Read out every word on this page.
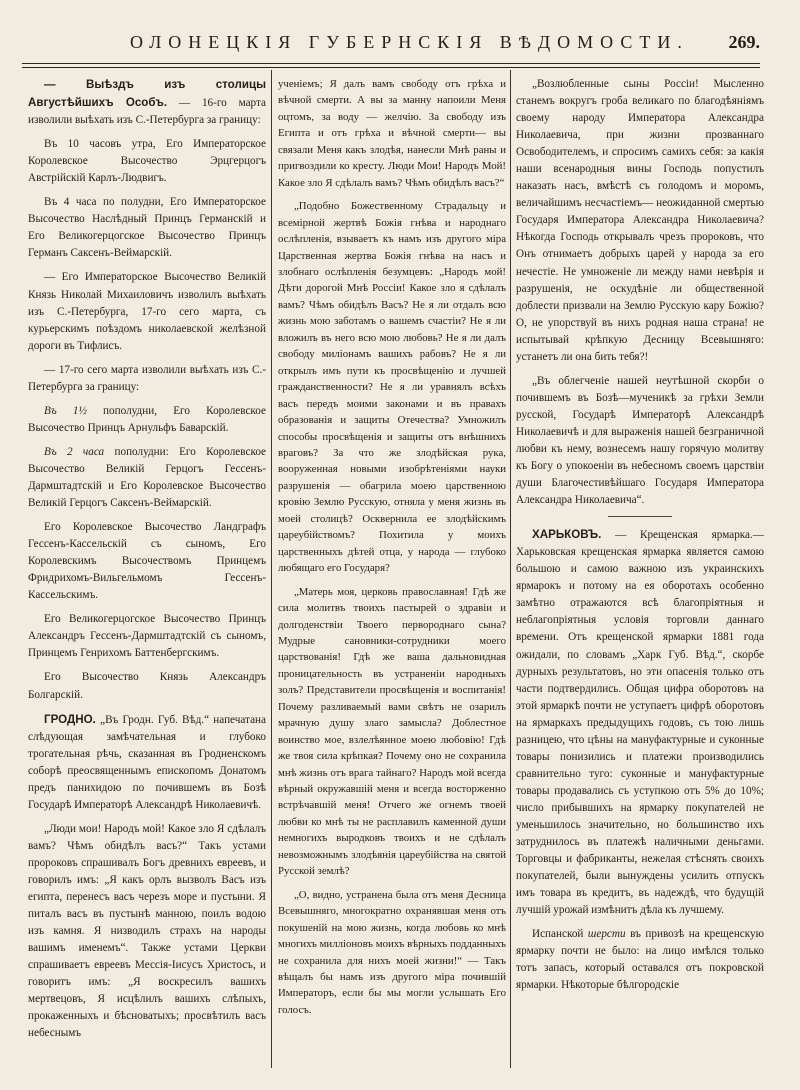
ОЛОНЕЦКІЯ ГУБЕРНСКІЯ ВѢДОМОСТИ. 269.

— Выѣздъ изъ столицы Августѣйшихъ Особъ. — 16-го марта изволили выѣхать изъ С.-Петербурга за границу:

Въ 10 часовъ утра, Его Императорское Королевское Высочество Эрцгерцогъ Австрійскій Карлъ-Людвигъ.

Въ 4 часа по полудни, Его Императорское Высочество Наслѣдный Принцъ Германскій и Его Великогерцогское Высочество Принцъ Германъ Саксенъ-Веймарскій.

— Его Императорское Высочество Великій Князь Николай Михаиловичъ изволилъ выѣхать изъ С.-Петербурга, 17-го сего марта, съ курьерскимъ поѣздомъ николаевской желѣзной дороги въ Тифлисъ.

— 17-го сего марта изволили выѣхать изъ С.-Петербурга за границу:

Въ 1½ пополудни, Его Королевское Высочество Принцъ Арнульфъ Баварскій.

Въ 2 часа пополудни: Его Королевское Высочество Великій Герцогъ Гессенъ-Дармштадтскій и Его Королевское Высочество Великій Герцогъ Саксенъ-Веймарскій.

Его Королевское Высочество Ландграфъ Гессенъ-Кассельскій съ сыномъ, Его Королевскимъ Высочествомъ Принцемъ Фридрихомъ-Вильгельмомъ Гессенъ-Кассельскимъ.

Его Великогерцогское Высочество Принцъ Александръ Гессенъ-Дармштадтскій съ сыномъ, Принцемъ Генрихомъ Баттенбергскимъ.

Его Высочество Князь Александръ Болгарскій.

ГРОДНО. „Въ Гродн. Губ. Вѣд.“ напечатана слѣдующая замѣчательная и глубоко трогательная рѣчь, сказанная въ Гродненскомъ соборѣ преосвященнымъ епископомъ Донатомъ предъ панихидою по почившемъ въ Бозѣ Государѣ Императорѣ Александрѣ Николаевичѣ.

„Люди мои! Народъ мой! Какое зло Я сдѣлалъ вамъ? Чѣмъ обидѣлъ васъ?“ Такъ устами пророковъ спрашивалъ Богъ древнихъ евреевъ, и говорилъ имъ: „Я какъ орлъ вызволъ Васъ изъ египта, перенесъ васъ черезъ море и пустыни. Я питалъ васъ въ пустынѣ манною, поилъ водою изъ камня. Я низводилъ страхъ на народы вашимъ именемъ“. Также устами Церкви спрашиваетъ евреевъ Мессія-Іисусъ Христосъ, и говоритъ имъ: „Я воскресилъ вашихъ мертвецовъ, Я исцѣлилъ вашихъ слѣпыхъ, прокаженныхъ и бѣсноватыхъ; просвѣтилъ васъ небеснымъ

ученіемъ; Я далъ вамъ свободу отъ грѣха и вѣчной смерти. А вы за манну напоили Меня оцтомъ, за воду — желчію. За свободу изъ Египта и отъ грѣха и вѣчной смерти— вы связали Меня какъ злодѣя, нанесли Мнѣ раны и пригвоздили ко кресту. Люди Мои! Народъ Мой! Какое зло Я сдѣлалъ вамъ? Чѣмъ обидѣлъ васъ?“

„Подобно Божественному Страдальцу и всемірной жертвѣ Божія гнѣва и народнаго ослѣпленія, взываетъ къ намъ изъ другого міра Царственная жертва Божія гнѣва на насъ и злобнаго ослѣпленія безумцевъ: „Народъ мой! Дѣти дорогой Мнѣ Россіи! Какое зло я сдѣлалъ вамъ? Чѣмъ обидѣлъ Васъ? Не я ли отдалъ всю жизнь мою заботамъ о вашемъ счастіи? Не я ли вложилъ въ него всю мою любовь? Не я ли далъ свободу миліонамъ вашихъ рабовъ? Не я ли открылъ имъ пути къ просвѣщенію и лучшей гражданственности? Не я ли уравнялъ всѣхъ васъ передъ моими законами и въ правахъ образованія и защиты Отечества? Умножилъ способы просвѣщенія и защиты отъ внѣшнихъ враговъ? За что же злодѣйская рука, вооруженная новыми изобрѣтеніями науки разрушенія — обагрила моею царственною кровію Землю Русскую, отняла у меня жизнь въ моей столицѣ? Осквернила ее злодѣйскимъ цареубійствомъ? Похитила у моихъ царственныхъ дѣтей отца, у народа — глубоко любящаго его Государя?

„Матерь моя, церковь православная! Гдѣ же сила молитвъ твоихъ пастырей о здравіи и долгоденствіи Твоего первороднаго сына? Мудрые сановники-сотрудники моего царствованія! Гдѣ же ваша дальновидная проницательность въ устраненіи народныхъ золъ? Представители просвѣщенія и воспитанія! Почему разливаемый вами свѣтъ не озарилъ мрачную душу злаго замысла? Доблестное воинство мое, взлелѣянное моею любовію! Гдѣ же твоя сила крѣпкая? Почему оно не сохранила мнѣ жизнь отъ врага тайнаго? Народъ мой всегда вѣрный окружавшій меня и всегда восторженно встрѣчавшій меня! Отчего же огнемъ твоей любви ко мнѣ ты не расплавилъ каменной души немногихъ выродковъ твоихъ и не сдѣлалъ невозможнымъ злодѣянія цареубійства на святой Русской землѣ?

„О, видно, устранена была отъ меня Десница Всевышняго, многократно охранявшая меня отъ покушеній на мою жизнь, когда любовь ко мнѣ многихъ милліоновъ моихъ вѣрныхъ подданныхъ не сохранила для нихъ моей жизни!“ — Такъ вѣщалъ бы намъ изъ другого міра почившій Императоръ, если бы мы могли услышать Его голосъ.

„Возлюбленные сыны Россіи! Мысленно станемъ вокругъ гроба великаго по благодѣяніямъ своему народу Императора Александра Николаевича, при жизни прозваннаго Освободителемъ, и спросимъ самихъ себя: за какія наши всенародныя вины Господь попустилъ наказать насъ, вмѣстѣ съ голодомъ и моромъ, величайшимъ несчастіемъ— неожиданной смертью Государя Императора Александра Николаевича? Нѣкогда Господь открывалъ чрезъ пророковъ, что Онъ отнимаетъ добрыхъ царей у народа за его нечестіе. Не умноженіе ли между нами невѣрія и разрушенія, не оскудѣніе ли общественной доблести призвали на Землю Русскую кару Божію? О, не упорствуй въ нихъ родная наша страна! не испытывай крѣпкую Десницу Всевышняго: устанетъ ли она бить тебя?!

„Въ облегченіе нашей неутѣшной скорби о почившемъ въ Бозѣ—мученикѣ за грѣхи Земли русской, Государѣ Императорѣ Александрѣ Николаевичѣ и для выраженія нашей безграничной любви къ нему, вознесемъ нашу горячую молитву къ Богу о упокоеніи въ небесномъ своемъ царствіи души Благочестивѣйшаго Государя Императора Александра Николаевича“.

ХАРЬКОВЪ. — Крещенская ярмарка.— Харьковская крещенская ярмарка является самою большою и самою важною изъ украинскихъ ярмарокъ и потому на ея оборотахъ особенно замѣтно отражаются всѣ благопріятныя и неблагопріятныя условія торговли даннаго времени. Отъ крещенской ярмарки 1881 года ожидали, по словамъ „Харк Губ. Вѣд.“, скорбе дурныхъ результатовъ, но эти опасенія только отъ части подтвердились. Общая цифра оборотовъ на этой ярмаркѣ почти не уступаетъ цифрѣ оборотовъ на ярмаркахъ предыдущихъ годовъ, съ тою лишь разницею, что цѣны на мануфактурные и суконные товары понизились и платежи производились сравнительно туго: суконные и мануфактурные товары продавались съ уступкою отъ 5% до 10%; число прибывшихъ на ярмарку покупателей не уменьшилось значительно, но большинство ихъ затруднилось въ платежѣ наличными деньгами. Торговцы и фабриканты, нежелая стѣснять своихъ покупателей, были вынуждены усилить отпускъ имъ товара въ кредитъ, въ надеждѣ, что будущій лучшій урожай измѣнитъ дѣла къ лучшему.

Испанской шерсти въ привозѣ на крещенскую ярмарку почти не было: на лицо имѣлся только тотъ запасъ, который оставался отъ покровской ярмарки. Нѣкоторые бѣлгородскіе
